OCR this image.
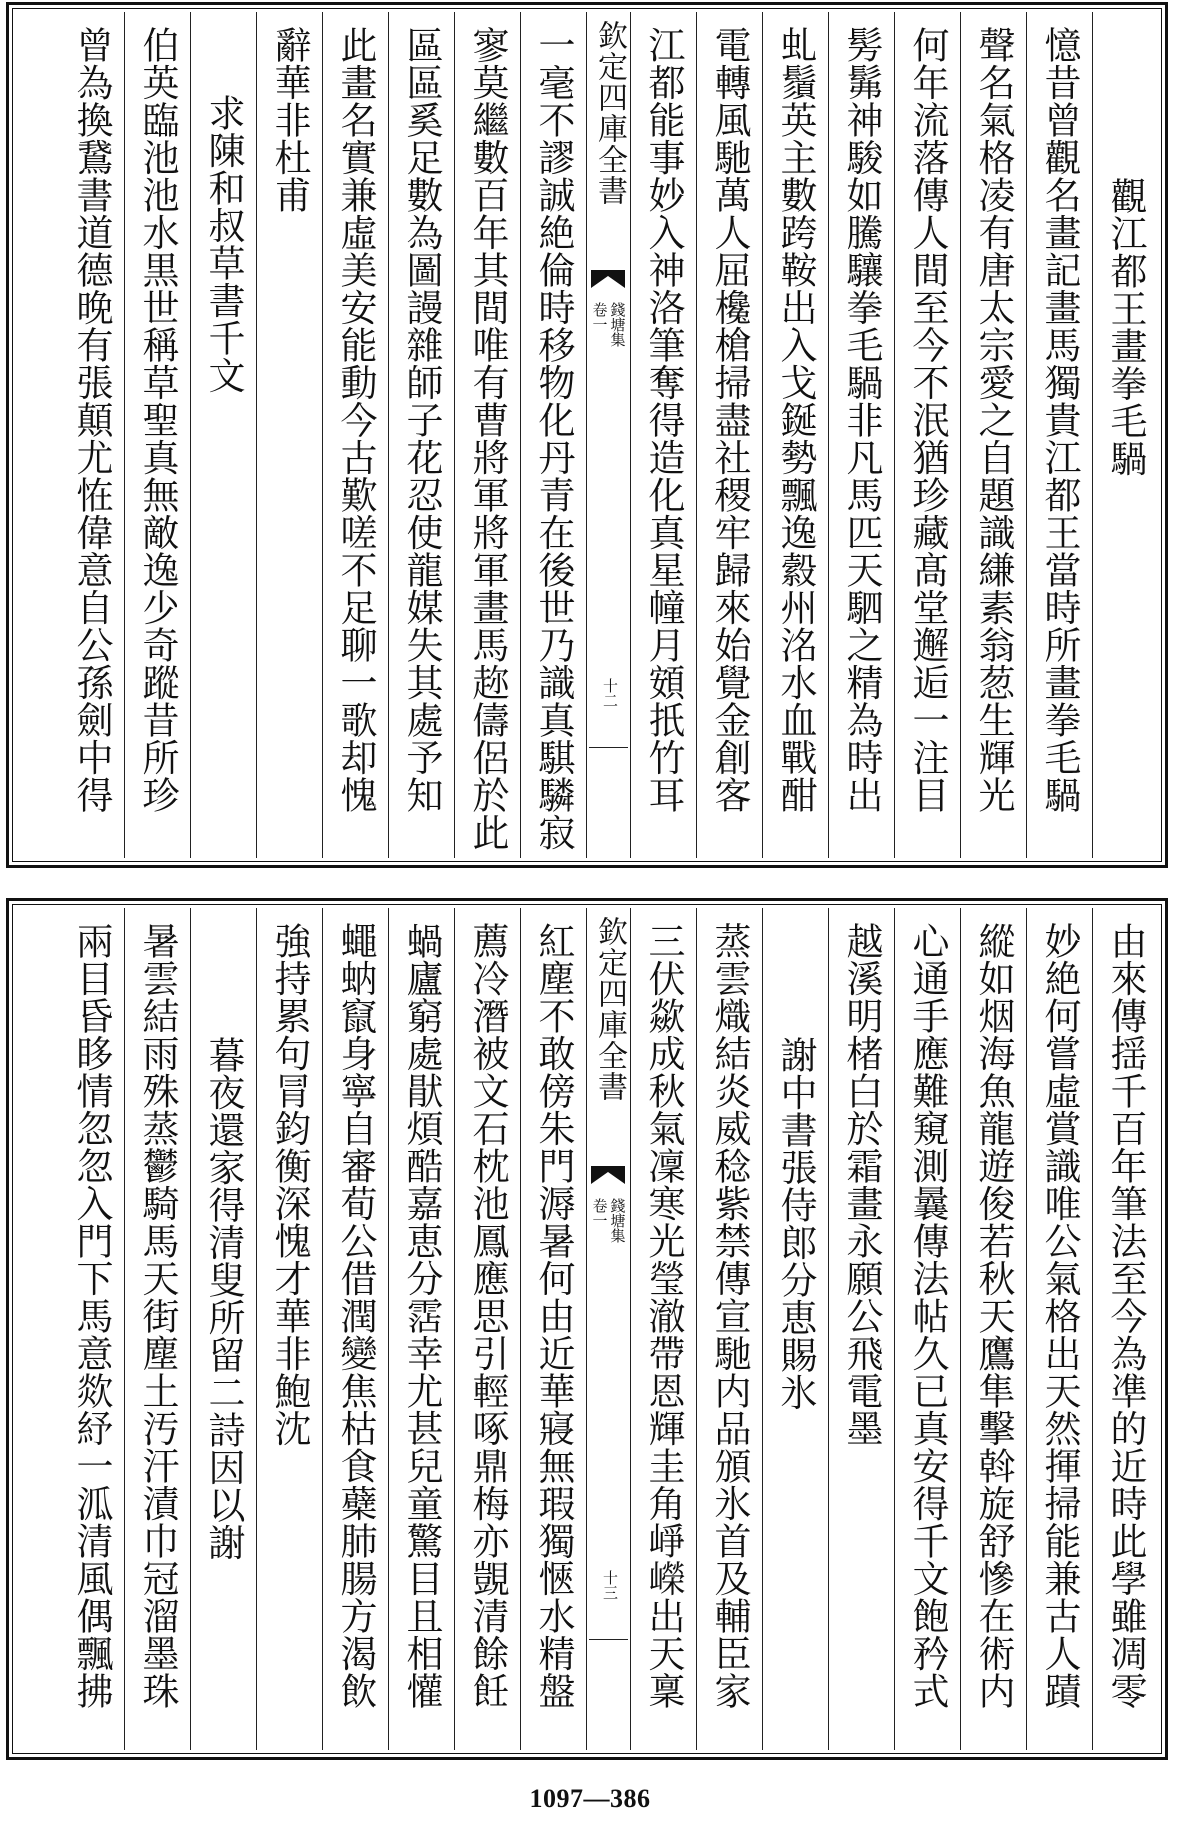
觀江都王畫拳毛騧
憶昔曾觀名畫記畫馬獨貴江都王當時所畫拳毛騧
聲名氣格凌有唐太宗愛之自題識縑素翁䓤生輝光
何年流落傳人間至今不泯猶珍藏髙堂邂逅一注目
髣髴神駿如騰驤拳毛騧非凡馬匹天駟之精為時出
虬鬚英主數跨鞍出入戈鋋勢飄逸縠州洺水血戰酣
電轉風馳萬人屈欃槍掃盡社稷牢歸來始覺金創客
江都能事妙入神洛筆奪得造化真星幢月頞扺竹耳
欽定四庫全書
錢塘集
卷一
十二
一毫不謬誠絶倫時移物化丹青在後世乃識真騏驎寂
寥莫繼數百年其間唯有曹將軍將軍畫馬趂儔侶於此
區區奚足數為圖謾雜師子花忍使龍媒失其處予知
此畫名實兼虛美安能動今古歎嗟不足聊一歌却愧
辭華非杜甫
求陳和叔草書千文
伯英臨池池水黒世稱草聖真無敵逸少奇蹤昔所珍
曾為換鵞書道德晚有張顛尤恠偉意自公孫劍中得
由來傳揺千百年筆法至今為凖的近時此學雖凋零
妙絶何嘗虛賞識唯公氣格出天然揮掃能兼古人蹟
縱如烟海魚龍遊俊若秋天鷹隼擊斡旋舒慘在術内
心通手應難窺測曩傳法帖久已真安得千文飽矜式
越溪明楮白於霜畫永願公飛電墨
謝中書張侍郎分恵賜氷
蒸雲熾結炎威稔紫禁傳宣馳内品頒氷首及輔臣家
三伏歘成秋氣凜寒光瑩澈帶恩輝圭角崢嶸出天稟
欽定四庫全書
錢塘集
卷一
十三
紅塵不敢傍朱門溽暑何由近華寢無瑕獨愜水精盤
薦冷潛被文石枕池鳳應思引輕啄鼎梅亦覬清餘飪
蝸廬窮處猒煩酷嘉恵分霑幸尤甚兒童驚目且相懽
蠅蚋竄身寧自審荀公借潤變焦枯食蘗肺腸方渴飲
強持累句冐鈞衡深愧才華非鮑沈
暮夜還家得清叟所留二詩因以謝
暑雲結雨殊蒸鬱騎馬天街塵土汚汗漬巾冠溜墨珠
兩目昏眵情忽忽入門下馬意欻紓一泒清風偶飄拂
1097—386
